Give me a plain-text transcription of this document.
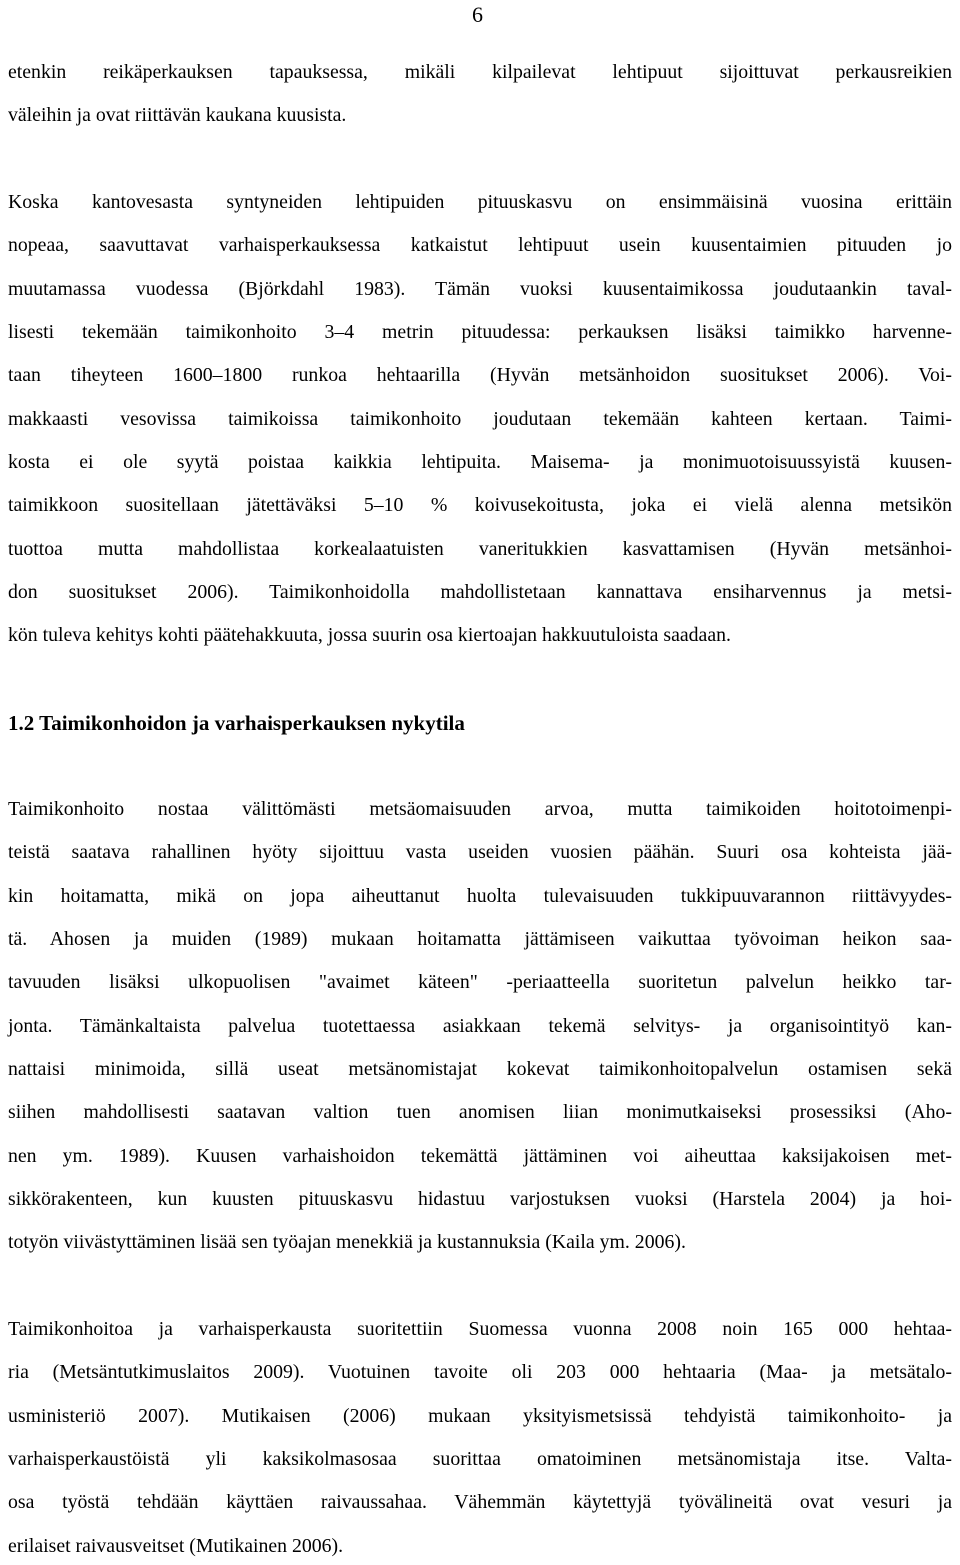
6
etenkin reikäperkauksen tapauksessa, mikäli kilpailevat lehtipuut sijoittuvat perkausreikien
väleihin ja ovat riittävän kaukana kuusista.
Koska kantovesasta syntyneiden lehtipuiden pituuskasvu on ensimmäisinä vuosina erittäin
nopeaa, saavuttavat varhaisperkauksessa katkaistut lehtipuut usein kuusentaimien pituuden jo
muutamassa vuodessa (Björkdahl 1983). Tämän vuoksi kuusentaimikossa joudutaankin taval-
lisesti tekemään taimikonhoito 3–4 metrin pituudessa: perkauksen lisäksi taimikko harvenne-
taan tiheyteen 1600–1800 runkoa hehtaarilla (Hyvän metsänhoidon suositukset 2006). Voi-
makkaasti vesovissa taimikoissa taimikonhoito joudutaan tekemään kahteen kertaan. Taimi-
kosta ei ole syytä poistaa kaikkia lehtipuita. Maisema- ja monimuotoisuussyistä kuusen-
taimikkoon suositellaan jätettäväksi 5–10 % koivusekoitusta, joka ei vielä alenna metsikön
tuottoa mutta mahdollistaa korkealaatuisten vaneritukkien kasvattamisen (Hyvän metsänhoi-
don suositukset 2006). Taimikonhoidolla mahdollistetaan kannattava ensiharvennus ja metsi-
kön tuleva kehitys kohti päätehakkuuta, jossa suurin osa kiertoajan hakkuutuloista saadaan.
1.2 Taimikonhoidon ja varhaisperkauksen nykytila
Taimikonhoito nostaa välittömästi metsäomaisuuden arvoa, mutta taimikoiden hoitotoimenpi-
teistä saatava rahallinen hyöty sijoittuu vasta useiden vuosien päähän. Suuri osa kohteista jää-
kin hoitamatta, mikä on jopa aiheuttanut huolta tulevaisuuden tukkipuuvarannon riittävyydes-
tä. Ahosen ja muiden (1989) mukaan hoitamatta jättämiseen vaikuttaa työvoiman heikon saa-
tavuuden lisäksi ulkopuolisen "avaimet käteen" -periaatteella suoritetun palvelun heikko tar-
jonta. Tämänkaltaista palvelua tuotettaessa asiakkaan tekemä selvitys- ja organisointityö kan-
nattaisi minimoida, sillä useat metsänomistajat kokevat taimikonhoitopalvelun ostamisen sekä
siihen mahdollisesti saatavan valtion tuen anomisen liian monimutkaiseksi prosessiksi (Aho-
nen ym. 1989). Kuusen varhaishoidon tekemättä jättäminen voi aiheuttaa kaksijakoisen met-
sikkörakenteen, kun kuusten pituuskasvu hidastuu varjostuksen vuoksi (Harstela 2004) ja hoi-
totyön viivästyttäminen lisää sen työajan menekkiä ja kustannuksia (Kaila ym. 2006).
Taimikonhoitoa ja varhaisperkausta suoritettiin Suomessa vuonna 2008 noin 165 000 hehtaa-
ria (Metsäntutkimuslaitos 2009). Vuotuinen tavoite oli 203 000 hehtaaria (Maa- ja metsätalo-
usministeriö 2007). Mutikaisen (2006) mukaan yksityismetsissä tehdyistä taimikonhoito- ja
varhaisperkaustöistä yli kaksikolmasosaa suorittaa omatoiminen metsänomistaja itse. Valta-
osa työstä tehdään käyttäen raivaussahaa. Vähemmän käytettyjä työvälineitä ovat vesuri ja
erilaiset raivausveitset (Mutikainen 2006).
